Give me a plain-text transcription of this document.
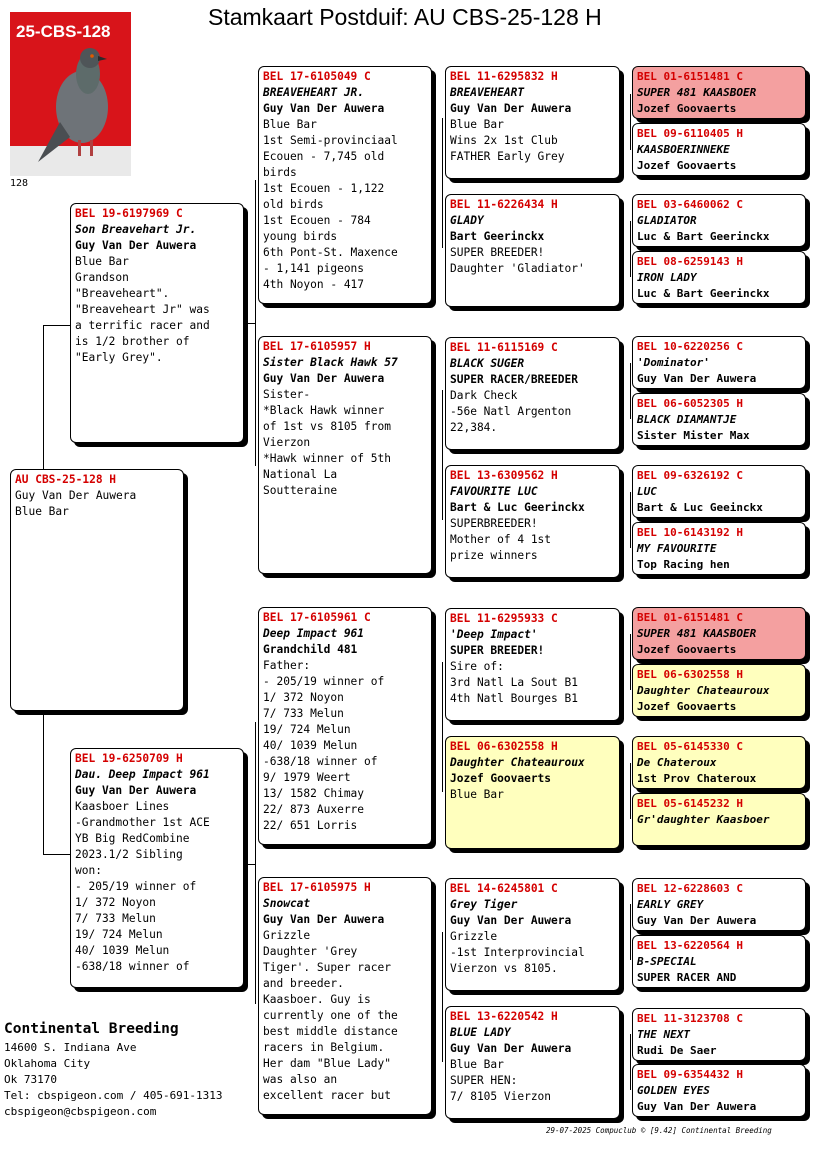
Stamkaart Postduif: AU CBS-25-128 H
25-CBS-128
128
AU CBS-25-128 H
Guy Van Der Auwera
Blue Bar
BEL 19-6197969 C
Son Breavehart Jr.
Guy Van Der Auwera
Blue Bar
Grandson
"Breaveheart".
"Breaveheart Jr" was
a terrific racer and
is 1/2 brother of
"Early Grey".
BEL 19-6250709 H
Dau. Deep Impact 961
Guy Van Der Auwera
Kaasboer Lines
-Grandmother 1st ACE
YB Big RedCombine
2023.1/2 Sibling
won:
- 205/19 winner of
1/ 372 Noyon
7/ 733 Melun
19/ 724 Melun
40/ 1039 Melun
-638/18 winner of
BEL 17-6105049 C
BREAVEHEART JR.
Guy Van Der Auwera
Blue Bar
1st Semi-provinciaal
Ecouen - 7,745 old
birds
1st Ecouen - 1,122
old birds
1st Ecouen - 784
young birds
6th Pont-St. Maxence
- 1,141 pigeons
4th Noyon - 417
BEL 17-6105957 H
Sister Black Hawk 57
Guy Van Der Auwera
Sister-
*Black Hawk winner
of 1st vs 8105 from
Vierzon
*Hawk winner of 5th
National La
Soutteraine
BEL 17-6105961 C
Deep Impact 961
Grandchild 481
Father:
- 205/19 winner of
1/ 372 Noyon
7/ 733 Melun
19/ 724 Melun
40/ 1039 Melun
-638/18 winner of
9/ 1979 Weert
13/ 1582 Chimay
22/ 873 Auxerre
22/ 651 Lorris
BEL 17-6105975 H
Snowcat
Guy Van Der Auwera
Grizzle
Daughter 'Grey
Tiger'. Super racer
and breeder.
Kaasboer. Guy is
currently one of the
best middle distance
racers in Belgium.
Her dam "Blue Lady"
was also an
excellent racer but
BEL 11-6295832 H
BREAVEHEART
Guy Van Der Auwera
Blue Bar
Wins 2x 1st Club
FATHER Early Grey
BEL 11-6226434 H
GLADY
Bart Geerinckx
SUPER BREEDER!
Daughter 'Gladiator'
BEL 11-6115169 C
BLACK SUGER
SUPER RACER/BREEDER
Dark Check
-56e Natl Argenton
22,384.
BEL 13-6309562 H
FAVOURITE LUC
Bart & Luc Geerinckx
SUPERBREEDER!
Mother of 4 1st
prize winners
BEL 11-6295933 C
'Deep Impact'
SUPER BREEDER!
Sire of:
3rd Natl La Sout B1
4th Natl Bourges B1
BEL 06-6302558 H
Daughter Chateauroux
Jozef Goovaerts
Blue Bar
BEL 14-6245801 C
Grey Tiger
Guy Van Der Auwera
Grizzle
-1st Interprovincial
Vierzon vs 8105.
BEL 13-6220542 H
BLUE LADY
Guy Van Der Auwera
Blue Bar
SUPER HEN:
7/ 8105 Vierzon
BEL 01-6151481 C
SUPER 481 KAASBOER
Jozef Goovaerts
BEL 09-6110405 H
KAASBOERINNEKE
Jozef Goovaerts
BEL 03-6460062 C
GLADIATOR
Luc & Bart Geerinckx
BEL 08-6259143 H
IRON LADY
Luc & Bart Geerinckx
BEL 10-6220256 C
'Dominator'
Guy Van Der Auwera
BEL 06-6052305 H
BLACK DIAMANTJE
Sister Mister Max
BEL 09-6326192 C
LUC
Bart & Luc Geeinckx
BEL 10-6143192 H
MY FAVOURITE
Top Racing hen
BEL 01-6151481 C
SUPER 481 KAASBOER
Jozef Goovaerts
BEL 06-6302558 H
Daughter Chateauroux
Jozef Goovaerts
BEL 05-6145330 C
De Chateroux
1st Prov Chateroux
BEL 05-6145232 H
Gr'daughter Kaasboer
BEL 12-6228603 C
EARLY GREY
Guy Van Der Auwera
BEL 13-6220564 H
B-SPECIAL
SUPER RACER AND
BEL 11-3123708 C
THE NEXT
Rudi De Saer
BEL 09-6354432 H
GOLDEN EYES
Guy Van Der Auwera
Continental Breeding
14600 S. Indiana Ave
Oklahoma City
Ok 73170
Tel: cbspigeon.com / 405-691-1313
cbspigeon@cbspigeon.com
29-07-2025 Compuclub © [9.42] Continental Breeding
